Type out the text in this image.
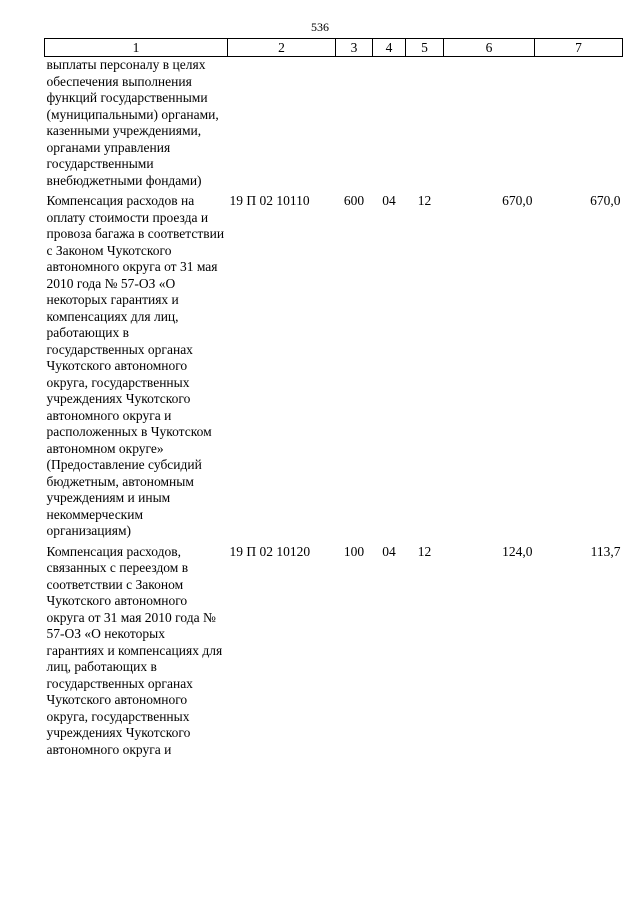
536
1	2	3	4	5	6	7
выплаты персоналу в целях обеспечения выполнения функций государственными (муниципальными) органами, казенными учреждениями, органами управления государственными внебюджетными фондами)						
Компенсация расходов на оплату стоимости проезда и провоза багажа в соответствии с Законом Чукотского автономного округа от 31 мая 2010 года № 57-ОЗ «О некоторых гарантиях и компенсациях для лиц, работающих в государственных органах Чукотского автономного округа, государственных учреждениях Чукотского автономного округа и расположенных в Чукотском автономном округе» (Предоставление субсидий бюджетным, автономным учреждениям и иным некоммерческим организациям)	19 П 02 10110	600	04	12	670,0	670,0
Компенсация расходов, связанных с переездом в соответствии с Законом Чукотского автономного округа от 31 мая 2010 года № 57-ОЗ «О некоторых гарантиях и компенсациях для лиц, работающих в государственных органах Чукотского автономного округа, государственных учреждениях Чукотского автономного округа и	19 П 02 10120	100	04	12	124,0	113,7
